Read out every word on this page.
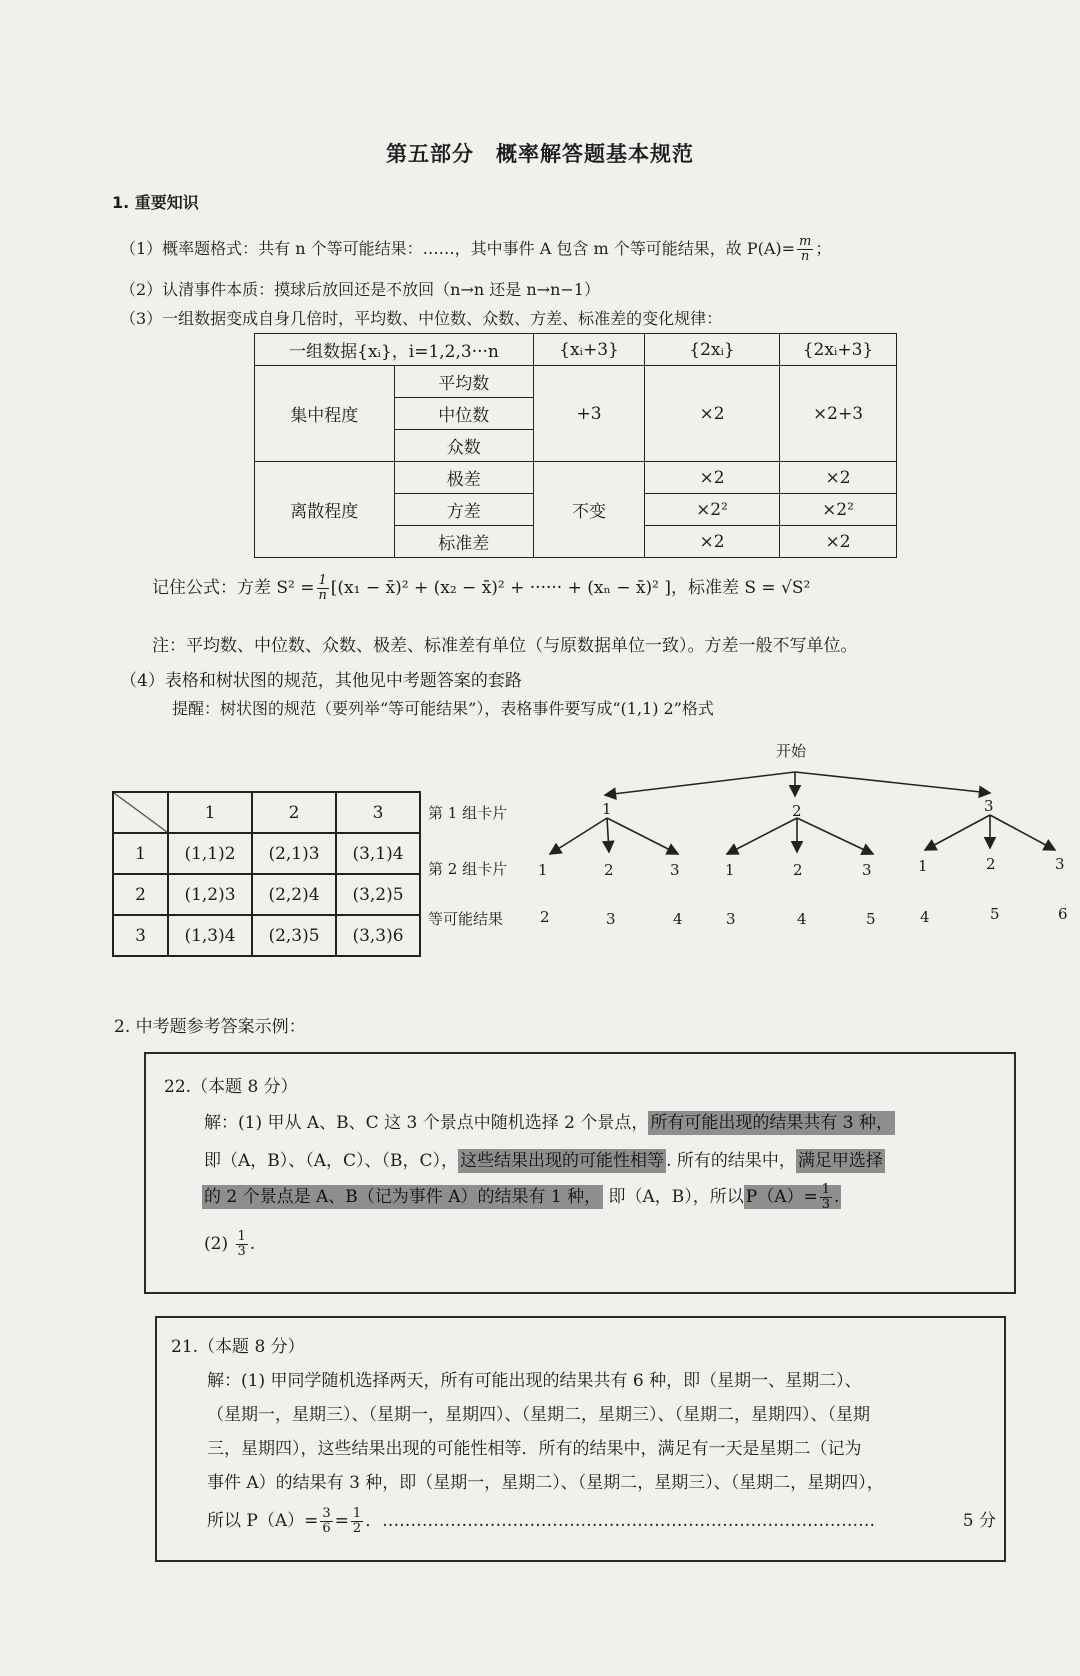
第五部分　概率解答题基本规范
1. 重要知识
（1）概率题格式：共有 n 个等可能结果：……，其中事件 A 包含 m 个等可能结果，故 $P(A)= \frac{m}{n}$ ；
（2）认清事件本质：摸球后放回还是不放回（n→n 还是 n→n−1）
（3）一组数据变成自身几倍时，平均数、中位数、众数、方差、标准差的变化规律：
一组数据{xᵢ}，i=1,2,3···n		{xᵢ+3}	{2xᵢ}	{2xᵢ+3}
集中程度	平均数	+3	×2	×2+3
	中位数			
	众数			
离散程度	极差	不变	×2	×2
	方差		×2²	×2²
	标准差		×2	×2
记住公式：方差 $S^2 = \frac{1}{n} [(x_1$ − x̄)² + (x₂ − x̄)² + ······ + (xₙ − x̄)² ]，标准差 S = √S²
注：平均数、中位数、众数、极差、标准差有单位（与原数据单位一致）。方差一般不写单位。
（4）表格和树状图的规范，其他见中考题答案的套路
提醒：树状图的规范（要列举“等可能结果”），表格事件要写成“(1,1) 2”格式
	1	2	3
1	(1,1)2	(2,1)3	(3,1)4
2	(1,2)3	(2,2)4	(3,2)5
3	(1,3)4	(2,3)5	(3,3)6
开始
第 1 组卡片
第 2 组卡片
等可能结果
1	2	3
1	2	3	1	2	3	1	2	3
2	3	4	3	4	5	4	5	6
2. 中考题参考答案示例：
22.（本题 8 分）
解：(1) 甲从 A、B、C 这 3 个景点中随机选择 2 个景点， 所有可能出现的结果共有 3 种，
即（A，B）、（A，C）、（B，C）， 这些结果出现的可能性相等 . 所有的结果中， 满足甲选择
的 2 个景点是 A、B（记为事件 A）的结果有 1 种， 即（A，B），所以 $P(A)= \frac{1}{3}$ .
$(2) \frac{1}{3}$ .
21.（本题 8 分）
解：(1) 甲同学随机选择两天，所有可能出现的结果共有 6 种，即（星期一、星期二）、
（星期一，星期三）、（星期一，星期四）、（星期二，星期三）、（星期二，星期四）、（星期
三，星期四），这些结果出现的可能性相等．所有的结果中，满足有一天是星期二（记为
事件 A）的结果有 3 种，即（星期一，星期二）、（星期二，星期三）、（星期二，星期四），
所以 $P(A)= \frac{3}{6} = \frac{1}{2}$ ．……………………………………………………………………………	5 分
